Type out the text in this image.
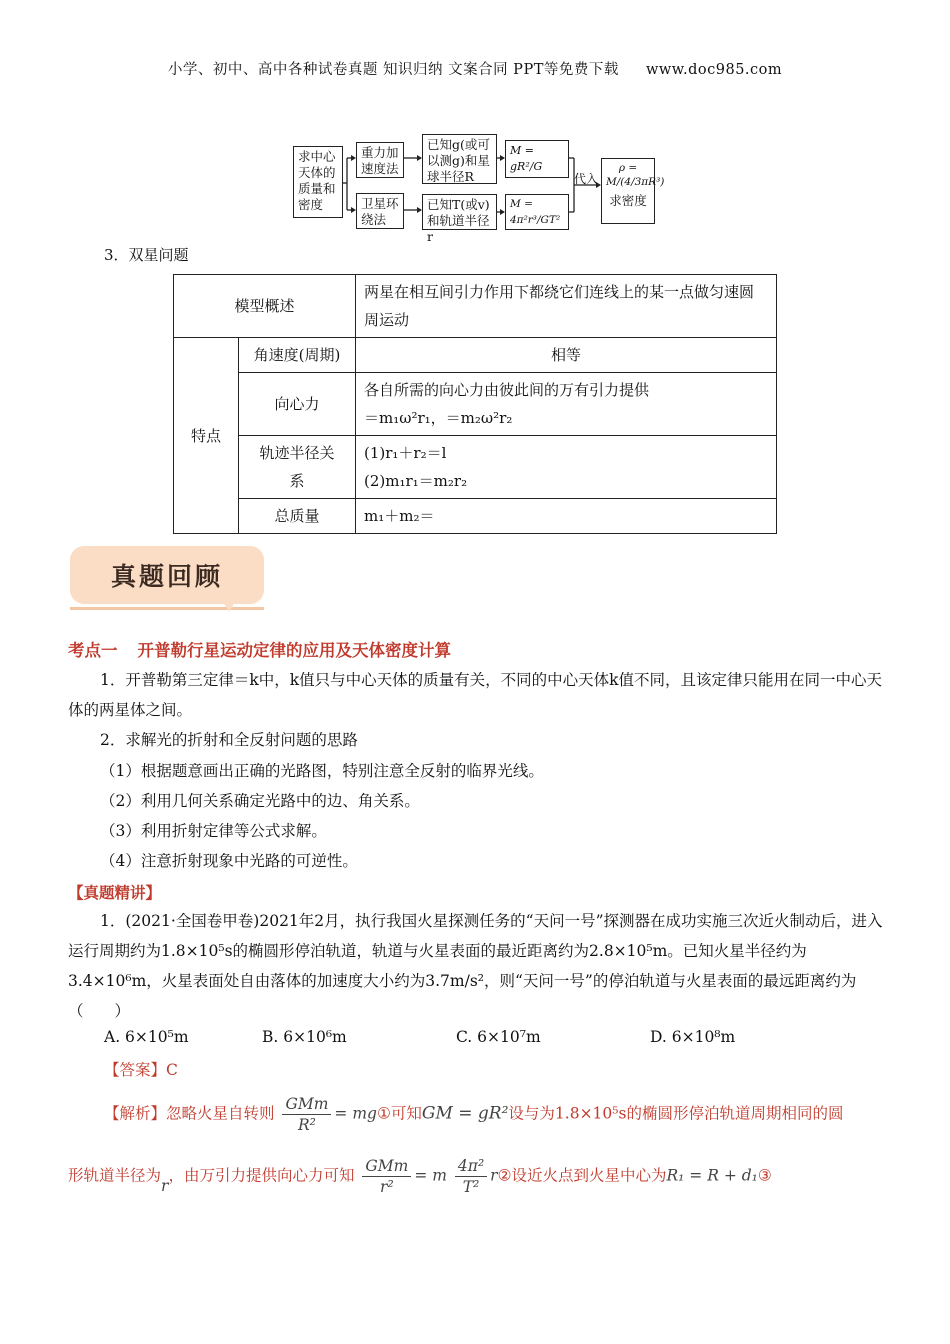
小学、初中、高中各种试卷真题 知识归纳 文案合同 PPT等免费下载 www.doc985.com
求中心天体的质量和密度
重力加速度法
卫星环绕法
已知g(或可以测g)和星球半径R
已知T(或v)和轨道半径r
M = gR²/G
M = 4π²r³/GT²
代入
ρ = M/(4/3πR³)
求密度
3．双星问题
模型概述		两星在相互间引力作用下都绕它们连线上的某一点做匀速圆周运动
特点	角速度(周期)	相等
	向心力	各自所需的向心力由彼此间的万有引力提供
＝m₁ω²r₁，＝m₂ω²r₂

	轨迹半径关系	(1)r₁＋r₂＝l
(2)m₁r₁＝m₂r₂

	总质量	m₁＋m₂＝
真题回顾
考点一 开普勒行星运动定律的应用及天体密度计算
1．开普勒第三定律＝k中，k值只与中心天体的质量有关，不同的中心天体k值不同，且该定律只能用在同一中心天体的两星体之间。
2．求解光的折射和全反射问题的思路
（1）根据题意画出正确的光路图，特别注意全反射的临界光线。
（2）利用几何关系确定光路中的边、角关系。
（3）利用折射定律等公式求解。
（4）注意折射现象中光路的可逆性。
【真题精讲】
1．(2021·全国卷甲卷)2021年2月，执行我国火星探测任务的“天问一号”探测器在成功实施三次近火制动后，进入运行周期约为1.8×10⁵s的椭圆形停泊轨道，轨道与火星表面的最近距离约为2.8×10⁵m。已知火星半径约为3.4×10⁶m，火星表面处自由落体的加速度大小约为3.7m/s²，则“天问一号”的停泊轨道与火星表面的最远距离约为（　　）
A. 6×10⁵m	B. 6×10⁶m	C. 6×10⁷m	D. 6×10⁸m
【答案】C
【解析】忽略火星自转则 $\frac{\text{GMm}}{\text{R²}}$ = mg①可知GM = gR²设与为1.8×10⁵s的椭圆形停泊轨道周期相同的圆
形轨道半径为r，由万引力提供向心力可知 $\frac{\text{GMm}}{\text{r²}} = m \frac{\text{4π²}}{\text{T²}}$ r②设近火点到火星中心为R₁ = R + d₁③
